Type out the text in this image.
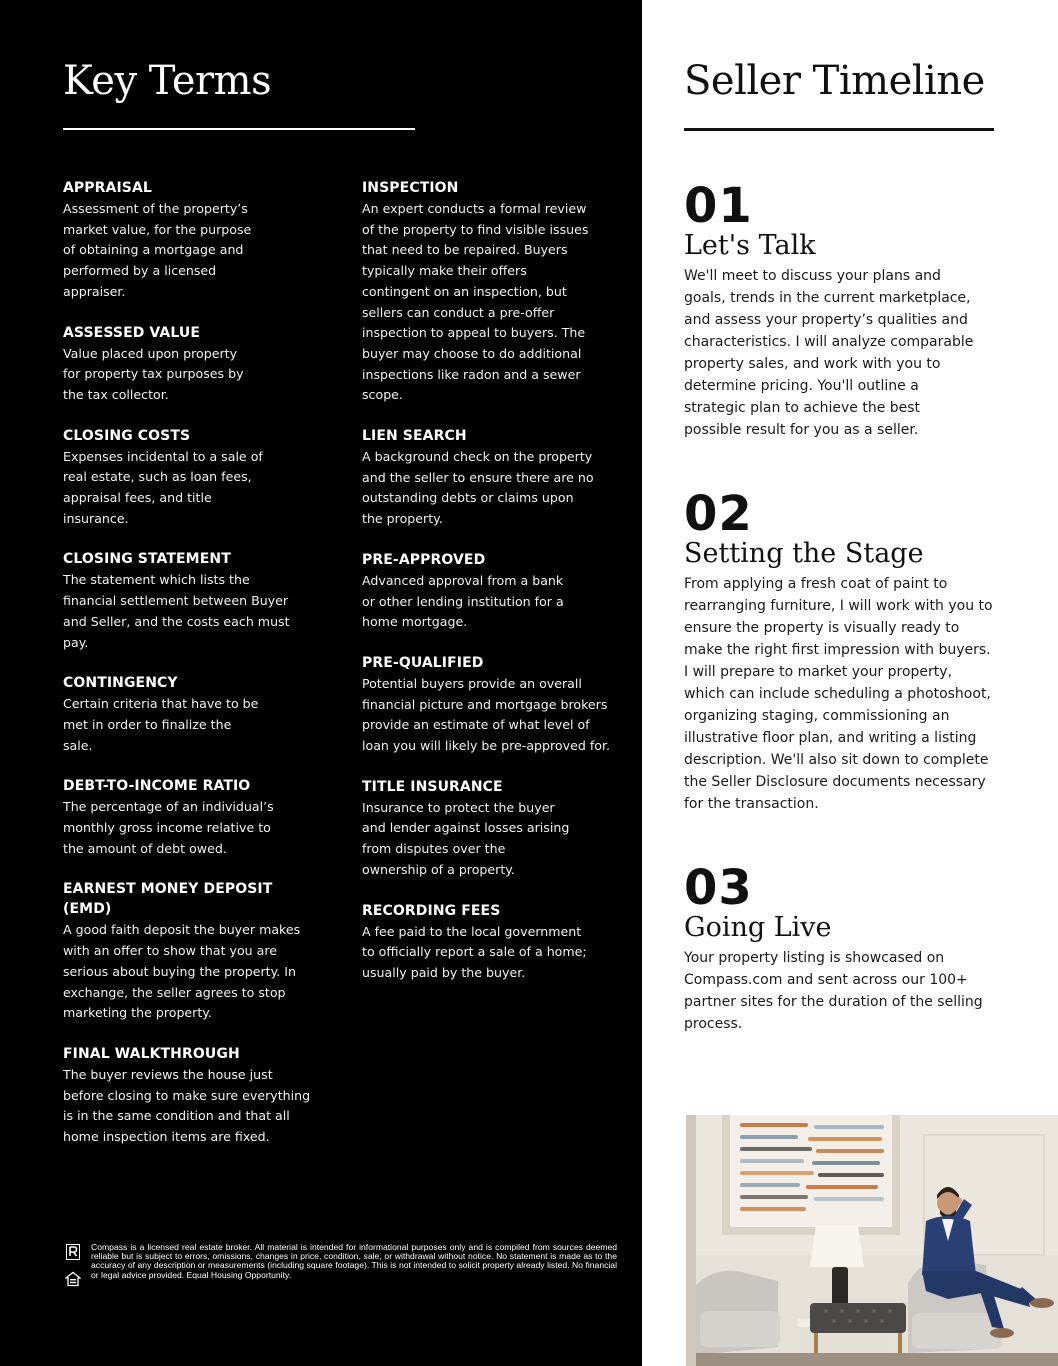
Key Terms
APPRAISAL
Assessment of the property’s market value, for the purpose of obtaining a mortgage and performed by a licensed appraiser.
ASSESSED VALUE
Value placed upon property for property tax purposes by the tax collector.
CLOSING COSTS
Expenses incidental to a sale of real estate, such as loan fees, appraisal fees, and title insurance.
CLOSING STATEMENT
The statement which lists the financial settlement between Buyer and Seller, and the costs each must pay.
CONTINGENCY
Certain criteria that have to be met in order to finalize the sale.
DEBT-TO-INCOME RATIO
The percentage of an individual’s monthly gross income relative to the amount of debt owed.
EARNEST MONEY DEPOSIT (EMD)
A good faith deposit the buyer makes with an offer to show that you are serious about buying the property. In exchange, the seller agrees to stop marketing the property.
FINAL WALKTHROUGH
The buyer reviews the house just before closing to make sure everything is in the same condition and that all home inspection items are fixed.
INSPECTION
An expert conducts a formal review of the property to find visible issues that need to be repaired. Buyers typically make their offers contingent on an inspection, but sellers can conduct a pre-offer inspection to appeal to buyers. The buyer may choose to do additional inspections like radon and a sewer scope.
LIEN SEARCH
A background check on the property and the seller to ensure there are no outstanding debts or claims upon the property.
PRE-APPROVED
Advanced approval from a bank or other lending institution for a home mortgage.
PRE-QUALIFIED
Potential buyers provide an overall financial picture and mortgage brokers provide an estimate of what level of loan you will likely be pre-approved for.
TITLE INSURANCE
Insurance to protect the buyer and lender against losses arising from disputes over the ownership of a property.
RECORDING FEES
A fee paid to the local government to officially report a sale of a home; usually paid by the buyer.

Compass is a licensed real estate broker. All material is intended for informational purposes only and is compiled from sources deemed reliable but is subject to errors, omissions, changes in price, condition, sale, or withdrawal without notice. No statement is made as to the accuracy of any description or measurements (including square footage). This is not intended to solicit property already listed. No financial or legal advice provided. Equal Housing Opportunity.

Seller Timeline
01
Let's Talk
We'll meet to discuss your plans and goals, trends in the current marketplace, and assess your property’s qualities and characteristics. I will analyze comparable property sales, and work with you to determine pricing. You'll outline a strategic plan to achieve the best possible result for you as a seller.
02
Setting the Stage
From applying a fresh coat of paint to rearranging furniture, I will work with you to ensure the property is visually ready to make the right first impression with buyers. I will prepare to market your property, which can include scheduling a photoshoot, organizing staging, commissioning an illustrative floor plan, and writing a listing description. We'll also sit down to complete the Seller Disclosure documents necessary for the transaction.
03
Going Live
Your property listing is showcased on Compass.com and sent across our 100+ partner sites for the duration of the selling process.
